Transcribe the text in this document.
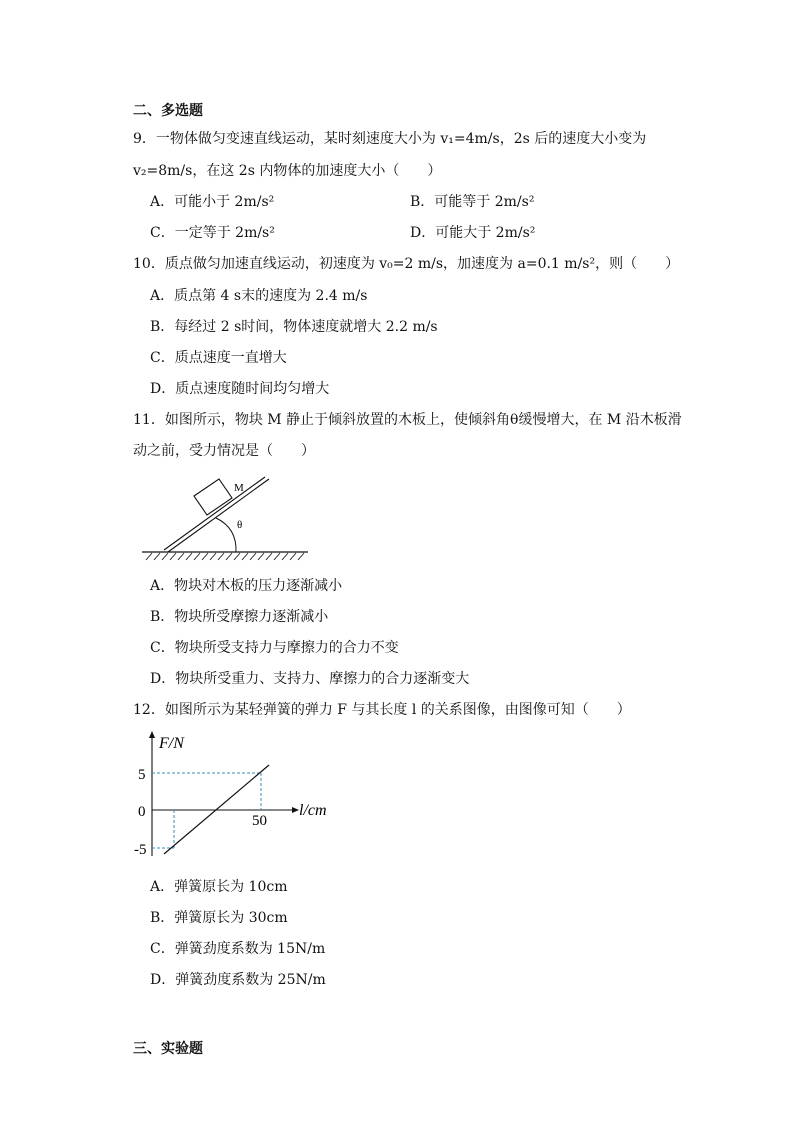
二、多选题
9．一物体做匀变速直线运动，某时刻速度大小为 v₁=4m/s，2s 后的速度大小变为
v₂=8m/s，在这 2s 内物体的加速度大小（　　）
A．可能小于 2m/s²	B．可能等于 2m/s²
C．一定等于 2m/s²	D．可能大于 2m/s²
10．质点做匀加速直线运动，初速度为 v₀=2 m/s，加速度为 a=0.1 m/s²，则（　　）
A．质点第 4 s末的速度为 2.4 m/s
B．每经过 2 s时间，物体速度就增大 2.2 m/s
C．质点速度一直增大
D．质点速度随时间均匀增大
11．如图所示，物块 M 静止于倾斜放置的木板上，使倾斜角θ缓慢增大，在 M 沿木板滑
动之前，受力情况是（　　）
M
θ
A．物块对木板的压力逐渐减小
B．物块所受摩擦力逐渐减小
C．物块所受支持力与摩擦力的合力不变
D．物块所受重力、支持力、摩擦力的合力逐渐变大
12．如图所示为某轻弹簧的弹力 F 与其长度 l 的关系图像，由图像可知（　　）
F/N
l/cm
0
50
5
-5
A．弹簧原长为 10cm
B．弹簧原长为 30cm
C．弹簧劲度系数为 15N/m
D．弹簧劲度系数为 25N/m
三、实验题
